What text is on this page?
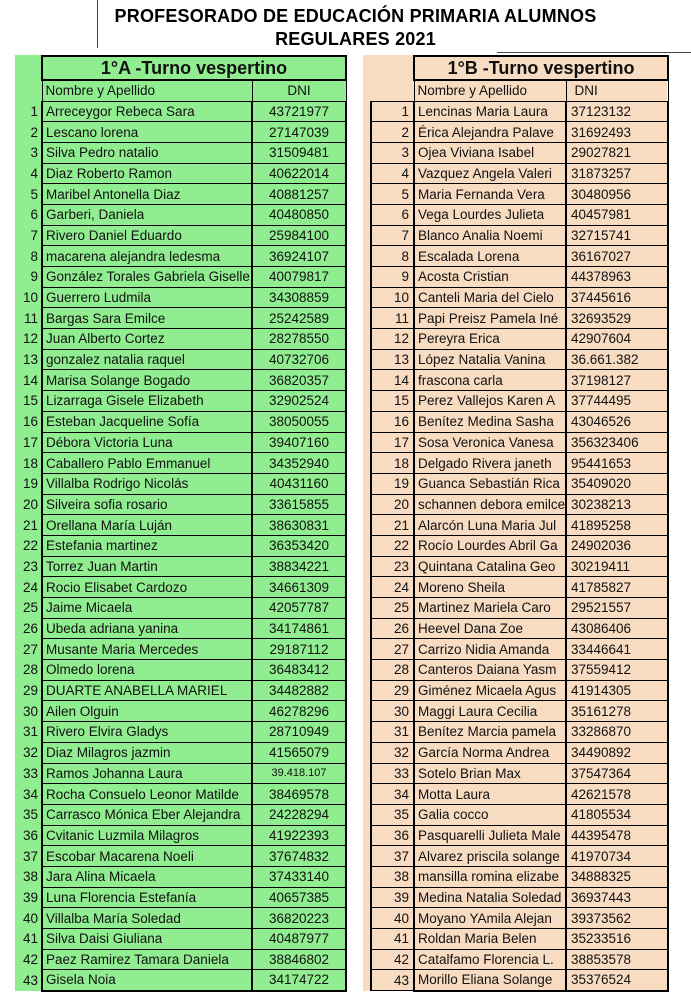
PROFESORADO DE EDUCACIÓN PRIMARIA ALUMNOS
REGULARES 2021
	1°A -Turno vespertino	
	Nombre y Apellido	DNI
1	Arreceygor Rebeca Sara	43721977
2	Lescano lorena	27147039
3	Silva Pedro natalio	31509481
4	Diaz Roberto Ramon	40622014
5	Maribel Antonella Diaz	40881257
6	Garberi, Daniela	40480850
7	Rivero Daniel Eduardo	25984100
8	macarena alejandra ledesma	36924107
9	González Torales Gabriela Giselle	40079817
10	Guerrero Ludmila	34308859
11	Bargas Sara Emilce	25242589
12	Juan Alberto Cortez	28278550
13	gonzalez natalia raquel	40732706
14	Marisa Solange Bogado	36820357
15	Lizarraga Gisele Elizabeth	32902524
16	Esteban Jacqueline Sofía	38050055
17	Débora Victoria Luna	39407160
18	Caballero Pablo Emmanuel	34352940
19	Villalba Rodrigo Nicolás	40431160
20	Silveira sofia rosario	33615855
21	Orellana María Luján	38630831
22	Estefania martinez	36353420
23	Torrez Juan Martin	38834221
24	Rocio Elisabet Cardozo	34661309
25	Jaime Micaela	42057787
26	Ubeda adriana yanina	34174861
27	Musante Maria Mercedes	29187112
28	Olmedo lorena	36483412
29	DUARTE ANABELLA MARIEL	34482882
30	Ailen Olguin	46278296
31	Rivero Elvira Gladys	28710949
32	Diaz Milagros jazmin	41565079
33	Ramos Johanna Laura	39.418.107
34	Rocha Consuelo Leonor Matilde	38469578
35	Carrasco Mónica Eber Alejandra	24228294
36	Cvitanic Luzmila Milagros	41922393
37	Escobar Macarena Noeli	37674832
38	Jara Alina Micaela	37433140
39	Luna Florencia Estefanía	40657385
40	Villalba María Soledad	36820223
41	Silva Daisi Giuliana	40487977
42	Paez Ramirez Tamara Daniela	38846802
43	Gisela Noia	34174722
	1°B -Turno vespertino	
	Nombre y Apellido	DNI
1	Lencinas Maria Laura	37123132
2	Érica Alejandra Palave	31692493
3	Ojea Viviana Isabel	29027821
4	Vazquez Angela Valeri	31873257
5	Maria Fernanda Vera	30480956
6	Vega Lourdes Julieta	40457981
7	Blanco Analia Noemi	32715741
8	Escalada Lorena	36167027
9	Acosta Cristian	44378963
10	Canteli Maria del Cielo	37445616
11	Papi Preisz Pamela Iné	32693529
12	Pereyra Erica	42907604
13	López Natalia Vanina	36.661.382
14	frascona carla	37198127
15	Perez Vallejos Karen A	37744495
16	Benítez Medina Sasha	43046526
17	Sosa Veronica Vanesa	356323406
18	Delgado Rivera janeth	95441653
19	Guanca Sebastián Rica	35409020
20	schannen debora emilce	30238213
21	Alarcón Luna Maria Jul	41895258
22	Rocío Lourdes Abril Ga	24902036
23	Quintana Catalina Geo	30219411
24	Moreno Sheila	41785827
25	Martinez Mariela Caro	29521557
26	Heevel Dana Zoe	43086406
27	Carrizo Nidia Amanda	33446641
28	Canteros Daiana Yasm	37559412
29	Giménez Micaela Agus	41914305
30	Maggi Laura Cecilia	35161278
31	Benítez Marcia pamela	33286870
32	García Norma Andrea	34490892
33	Sotelo Brian Max	37547364
34	Motta Laura	42621578
35	Galia cocco	41805534
36	Pasquarelli Julieta Male	44395478
37	Alvarez priscila solange	41970734
38	mansilla romina elizabe	34888325
39	Medina Natalia Soledad	36937443
40	Moyano YAmila Alejan	39373562
41	Roldan Maria Belen	35233516
42	Catalfamo Florencia L.	38853578
43	Morillo Eliana Solange	35376524
